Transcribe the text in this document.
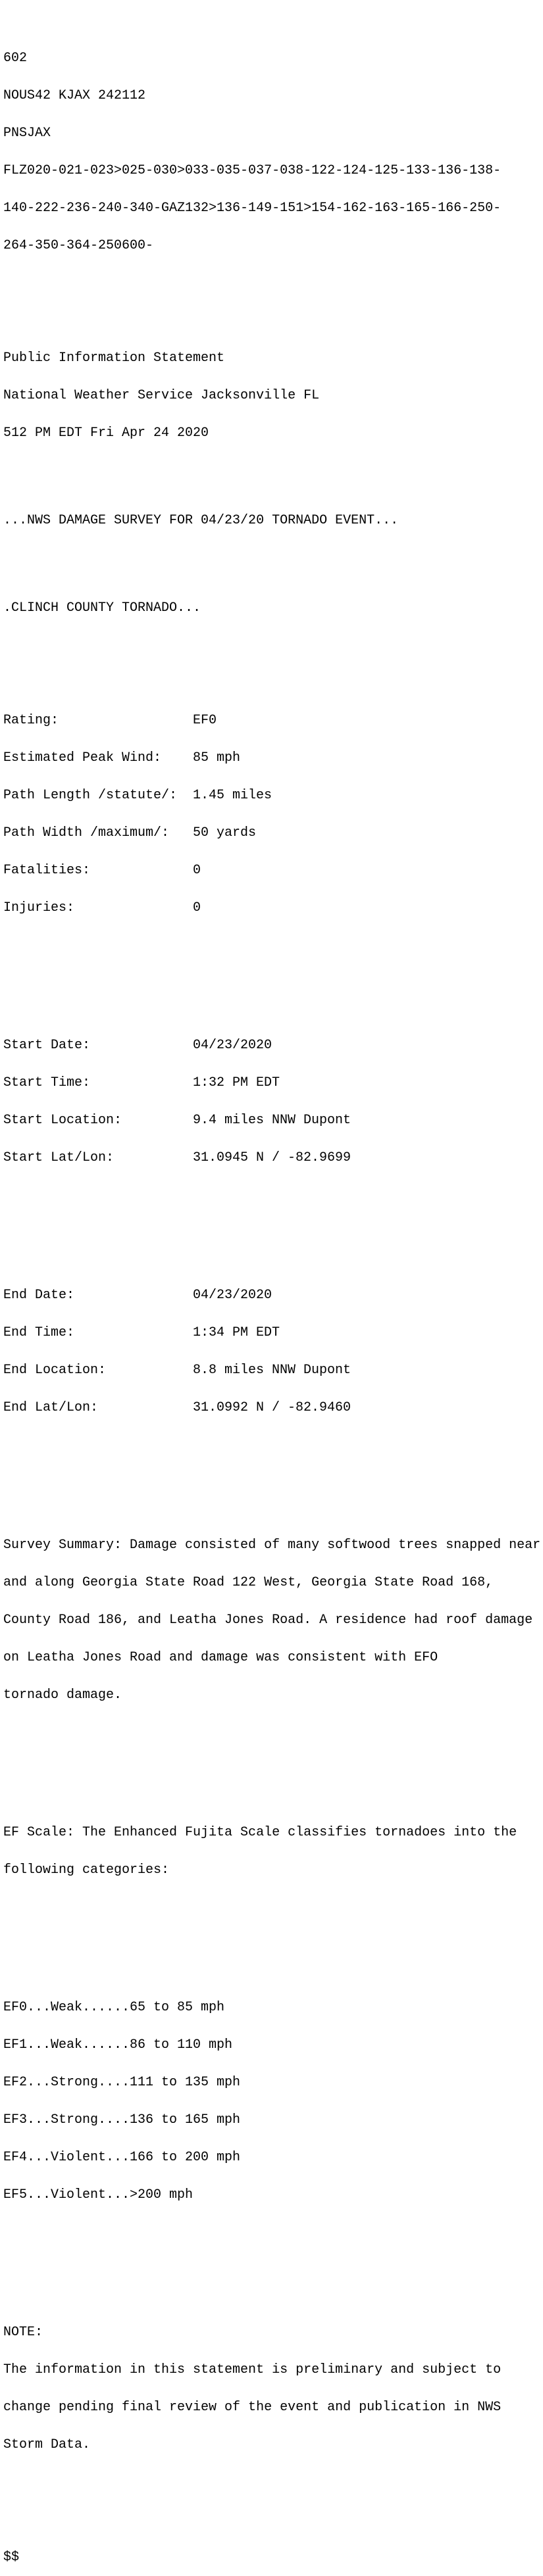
602

NOUS42 KJAX 242112

PNSJAX

FLZ020-021-023>025-030>033-035-037-038-122-124-125-133-136-138-

140-222-236-240-340-GAZ132>136-149-151>154-162-163-165-166-250-

264-350-364-250600-

Public Information Statement

National Weather Service Jacksonville FL

512 PM EDT Fri Apr 24 2020

...NWS DAMAGE SURVEY FOR 04/23/20 TORNADO EVENT...

.CLINCH COUNTY TORNADO...

Rating:	EF0

Estimated Peak Wind: 85 mph

Path Length /statute/: 1.45 miles

Path Width /maximum/: 50 yards

Fatalities:	0

Injuries:	0

Start Date:	04/23/2020

Start Time:	1:32 PM EDT

Start Location:	9.4 miles NNW Dupont

Start Lat/Lon:	31.0945 N / -82.9699

End Date:	04/23/2020

End Time:	1:34 PM EDT

End Location:	8.8 miles NNW Dupont

End Lat/Lon:	31.0992 N / -82.9460

Survey Summary: Damage consisted of many softwood trees snapped near

and along Georgia State Road 122 West, Georgia State Road 168,

County Road 186, and Leatha Jones Road. A residence had roof damage

on Leatha Jones Road and damage was consistent with EFO

tornado damage.

EF Scale: The Enhanced Fujita Scale classifies tornadoes into the

following categories:

EF0...Weak......65 to 85 mph

EF1...Weak......86 to 110 mph

EF2...Strong....111 to 135 mph

EF3...Strong....136 to 165 mph

EF4...Violent...166 to 200 mph

EF5...Violent...>200 mph

NOTE:

The information in this statement is preliminary and subject to

change pending final review of the event and publication in NWS

Storm Data.

$$
